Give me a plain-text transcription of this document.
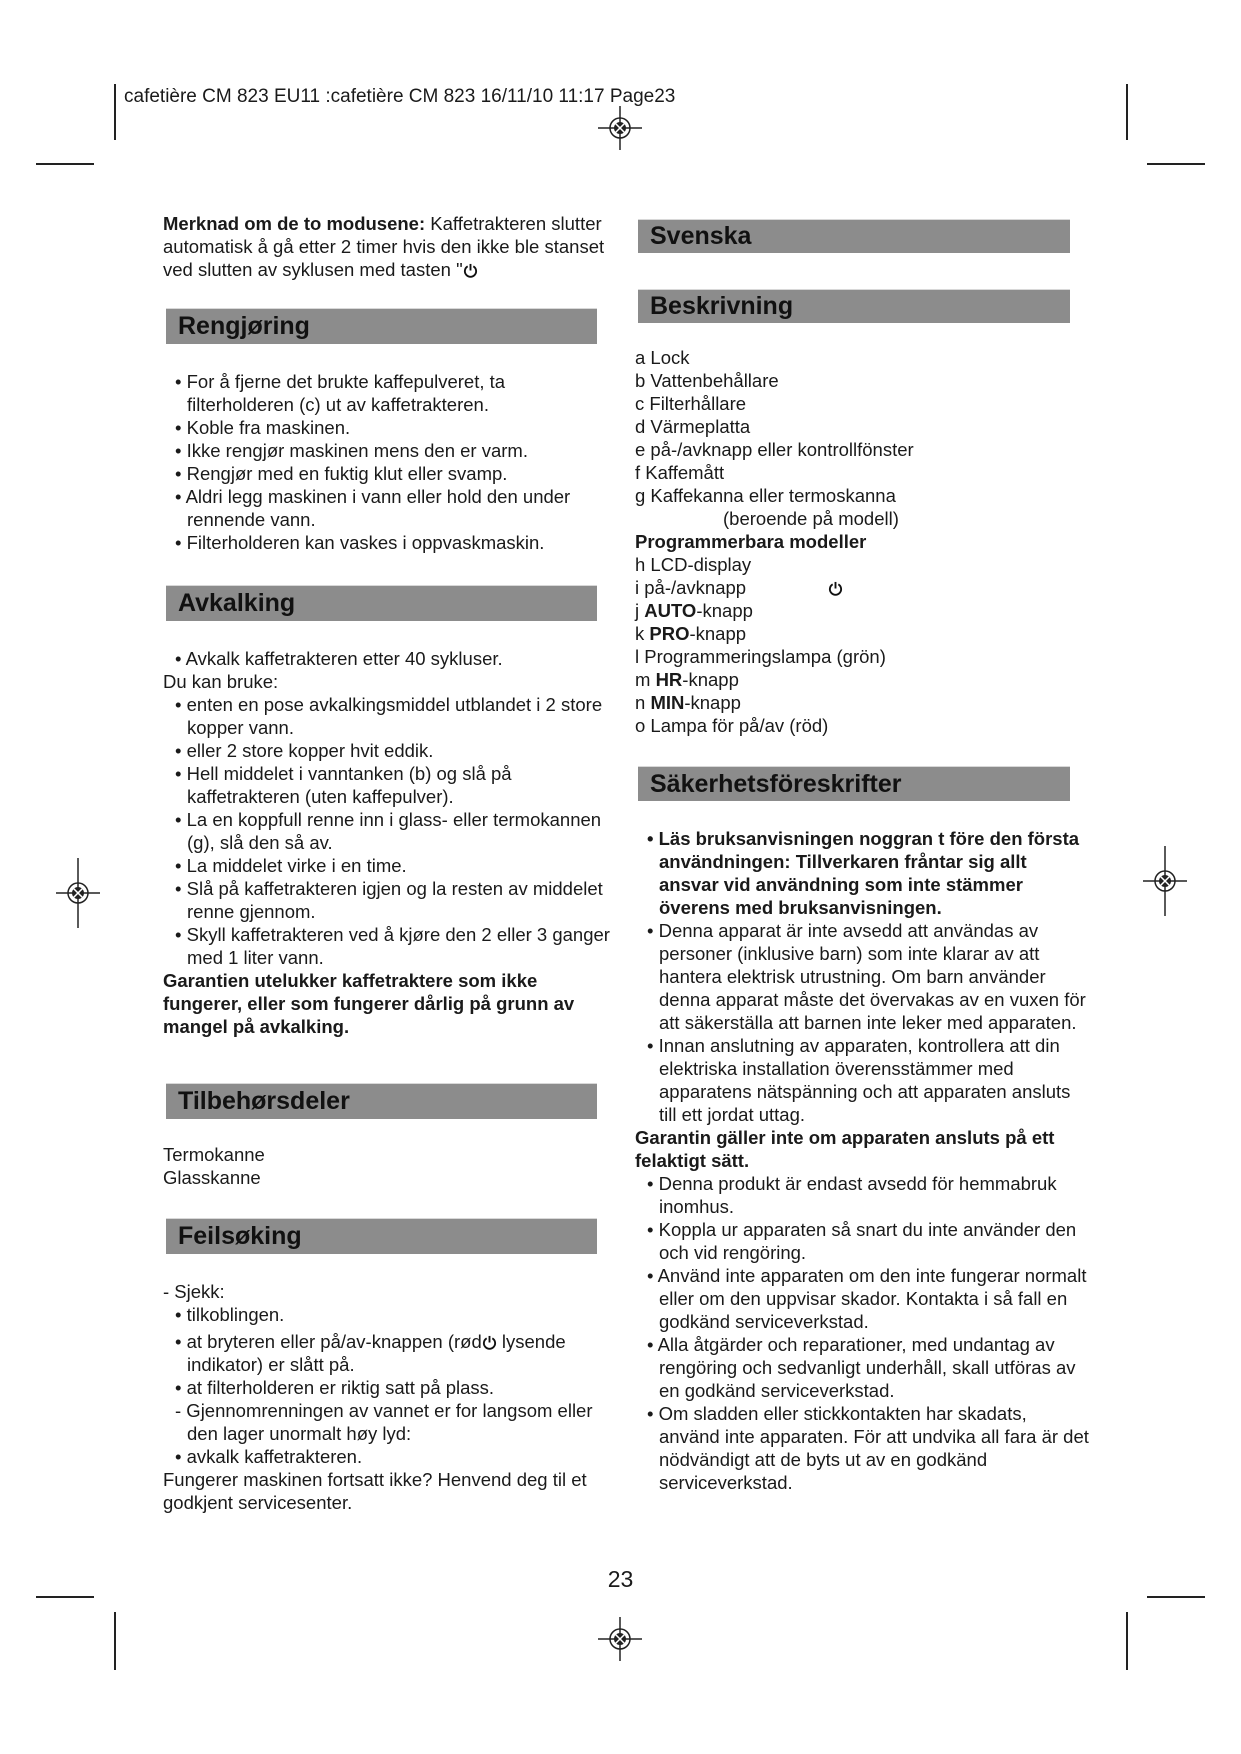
cafetière CM 823 EU11 :cafetière CM 823 16/11/10 11:17 Page23

Merknad om de to modusene: Kaffetrakteren slutter automatisk å gå etter 2 timer hvis den ikke ble stanset ved slutten av syklusen med tasten "

Rengjøring

• For å fjerne det brukte kaffepulveret, ta filterholderen (c) ut av kaffetrakteren.

• Koble fra maskinen.

• Ikke rengjør maskinen mens den er varm.

• Rengjør med en fuktig klut eller svamp.

• Aldri legg maskinen i vann eller hold den under rennende vann.

• Filterholderen kan vaskes i oppvaskmaskin.

Avkalking

• Avkalk kaffetrakteren etter 40 sykluser.

Du kan bruke:

• enten en pose avkalkingsmiddel utblandet i 2 store kopper vann.

• eller 2 store kopper hvit eddik.

• Hell middelet i vanntanken (b) og slå på kaffetrakteren (uten kaffepulver).

• La en koppfull renne inn i glass- eller termokannen (g), slå den så av.

• La middelet virke i en time.

• Slå på kaffetrakteren igjen og la resten av middelet renne gjennom.

• Skyll kaffetrakteren ved å kjøre den 2 eller 3 ganger med 1 liter vann.

Garantien utelukker kaffetraktere som ikke fungerer, eller som fungerer dårlig på grunn av mangel på avkalking.

Tilbehørsdeler

Termokanne

Glasskanne

Feilsøking

- Sjekk:

• tilkoblingen.

• at bryteren eller på/av-knappen (rød lysende indikator) er slått på.

• at filterholderen er riktig satt på plass.

- Gjennomrenningen av vannet er for langsom eller den lager unormalt høy lyd:

• avkalk kaffetrakteren.

Fungerer maskinen fortsatt ikke? Henvend deg til et godkjent servicesenter.

Svenska
Beskrivning

a Lock

b Vattenbehållare

c Filterhållare

d Värmeplatta

e på-/avknapp eller kontrollfönster

f Kaffemått

g Kaffekanna eller termoskanna

(beroende på modell)

Programmerbara modeller

h LCD-display

i på-/avknapp

j AUTO-knapp

k PRO-knapp

l Programmeringslampa (grön)

m HR-knapp

n MIN-knapp

o Lampa för på/av (röd)

Säkerhetsföreskrifter

• Läs bruksanvisningen noggran t före den första användningen: Tillverkaren fråntar sig allt ansvar vid användning som inte stämmer överens med bruksanvisningen.

• Denna apparat är inte avsedd att användas av personer (inklusive barn) som inte klarar av att hantera elektrisk utrustning. Om barn använder denna apparat måste det övervakas av en vuxen för att säkerställa att barnen inte leker med apparaten.

• Innan anslutning av apparaten, kontrollera att din elektriska installation överensstämmer med apparatens nätspänning och att apparaten ansluts till ett jordat uttag.

Garantin gäller inte om apparaten ansluts på ett felaktigt sätt.

• Denna produkt är endast avsedd för hemmabruk inomhus.

• Koppla ur apparaten så snart du inte använder den och vid rengöring.

• Använd inte apparaten om den inte fungerar normalt eller om den uppvisar skador. Kontakta i så fall en godkänd serviceverkstad.

• Alla åtgärder och reparationer, med undantag av rengöring och sedvanligt underhåll, skall utföras av en godkänd serviceverkstad.

• Om sladden eller stickkontakten har skadats, använd inte apparaten. För att undvika all fara är det nödvändigt att de byts ut av en godkänd serviceverkstad.

23
